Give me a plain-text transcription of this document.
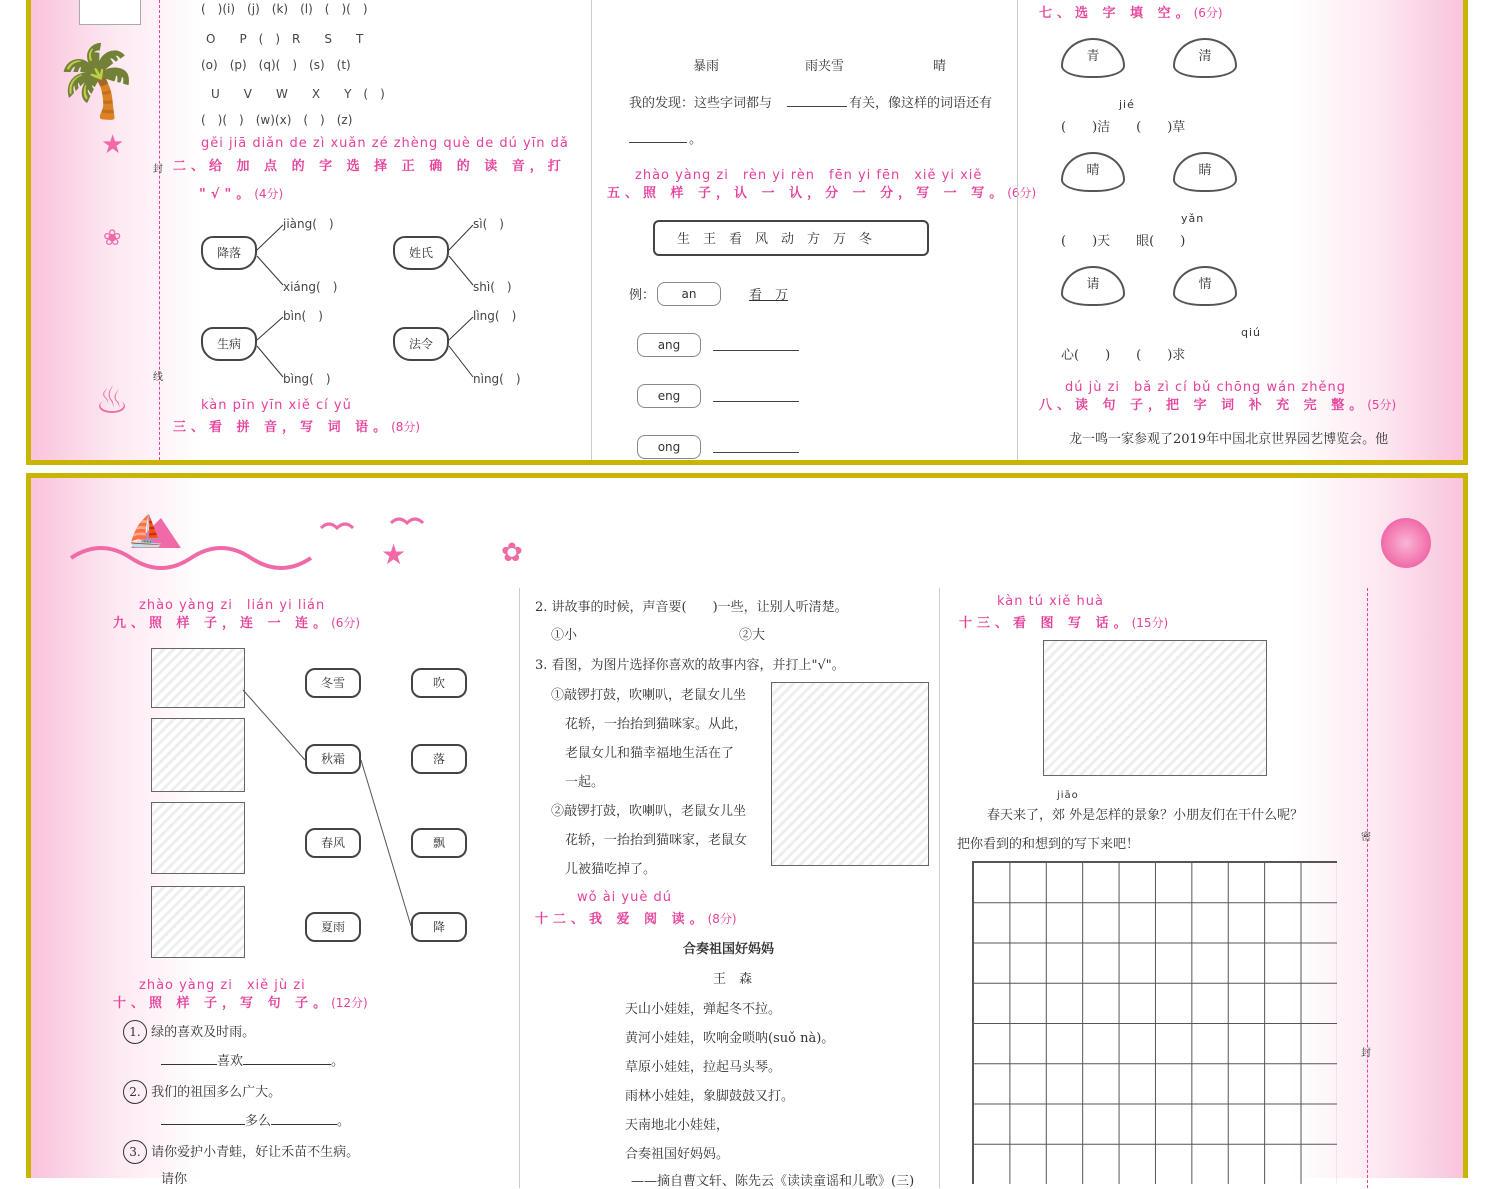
🌴
★
❀
♨
封
线
(　)(i)　(j)　(k)　(l)　(　)(　)
O　　P　(　)　R　　S　　T
(o)　(p)　(q)(　)　(s)　(t)
U　　V　　W　　X　　Y　(　)
(　)(　)　(w)(x)　(　)　(z)
gěi jiā diǎn de zì xuǎn zé zhèng què de dú yīn dǎ
二、给 加 点 的 字 选 择 正 确 的 读 音，打
"√"。(4分)
降落	姓氏
生病	法令
jiàng(　)
xiáng(　)
sì(　)
shì(　)
bìn(　)
bìng(　)
lìng(　)
nìng(　)
kàn pīn yīn xiě cí yǔ
三、看 拼 音，写 词 语。(8分)
暴雨	雨夹雪	晴
我的发现：这些字词都与	有关，像这样的词语还有
。
zhào yàng zi　rèn yi rèn　fēn yi fēn　xiě yi xiě
五、照 样 子，认 一 认，分 一 分，写 一 写。(6分)
生　王　看　风　动　方　万　冬
例：	an	看　万
ang
eng
ong
七、选 字 填 空。(6分)
青	清
jié
(　　)洁　　(　　)草
晴	睛
yǎn
(　　)天　　眼(　　)
请	情
qiú
心(　　)　　(　　)求
dú jù zi　bǎ zì cí bǔ chōng wán zhěng
八、读 句 子，把 字 词 补 充 完 整。(5分)
龙一鸣一家参观了2019年中国北京世界园艺博览会。他
⛵
★	✿
zhào yàng zi　lián yi lián
九、照 样 子，连 一 连。(6分)
冬雪
秋霜
春风
夏雨
吹
落
飘
降
zhào yàng zi　xiě jù zi
十、照 样 子，写 句 子。(12分)
1. 绿的喜欢及时雨。
喜欢	。
2. 我们的祖国多么广大。
多么	。
3. 请你爱护小青蛙，好让禾苗不生病。
请你
2. 讲故事的时候，声音要(　　)一些，让别人听清楚。
①小	②大
3. 看图，为图片选择你喜欢的故事内容，并打上"√"。
①敲锣打鼓，吹喇叭，老鼠女儿坐
花轿，一抬抬到猫咪家。从此，
老鼠女儿和猫幸福地生活在了
一起。
②敲锣打鼓，吹喇叭，老鼠女儿坐
花轿，一抬抬到猫咪家，老鼠女
儿被猫吃掉了。
wǒ ài yuè dú
十二、我 爱 阅 读。(8分)
合奏祖国好妈妈
王　森
天山小娃娃，弹起冬不拉。
黄河小娃娃，吹响金唢呐(suǒ nà)。
草原小娃娃，拉起马头琴。
雨林小娃娃，象脚鼓鼓又打。
天南地北小娃娃，
合奏祖国好妈妈。
——摘自曹文轩、陈先云《读读童谣和儿歌》(三)
kàn tú xiě huà
十三、看 图 写 话。(15分)
jiāo
春天来了，郊 外是怎样的景象？小朋友们在干什么呢？
把你看到的和想到的写下来吧！	密
封
